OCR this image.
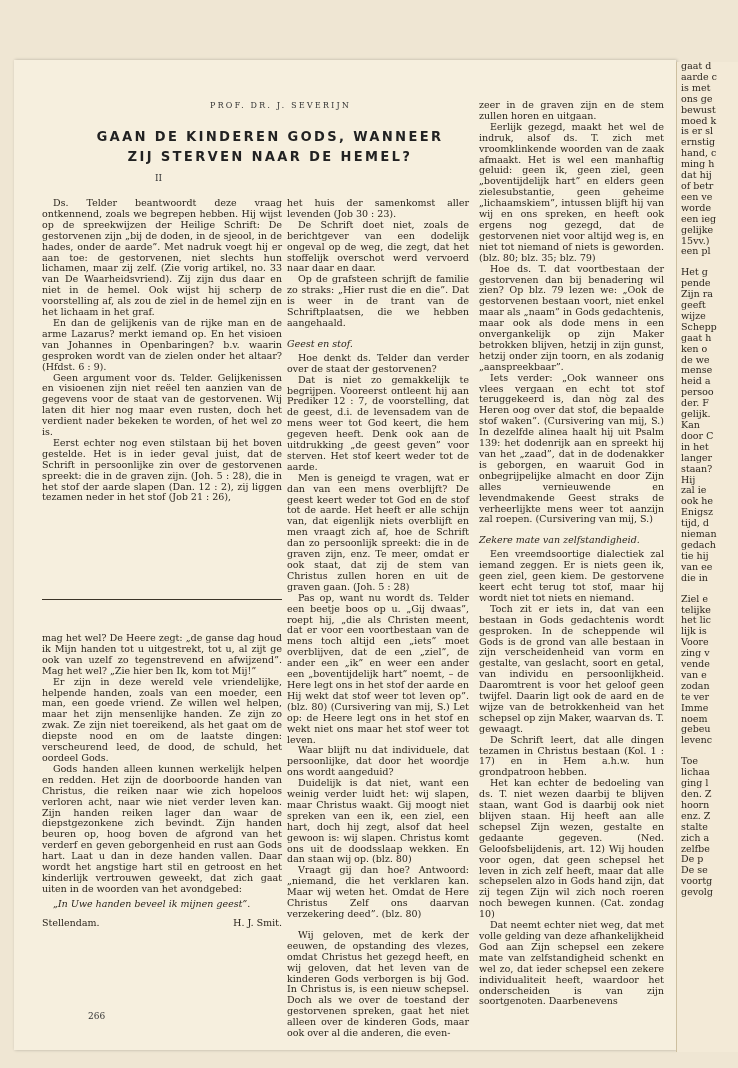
gaat d
aarde c
is met
ons ge
bewust
moed k
is er sl
ernstig
hand, c
ming h
dat hij
of betr
een ve
worde
een ieg
gelijke
15vv.)
een pl
Het g
pende
Zijn ra
geeft
wijze
Schepp
gaat h
ken o
de we
mense
heid a
persoo
der. F
gelijk.
Kan
door C
in het
langer
staan?
Hij
zal ie
ook he
Enigsz
tijd, d
nieman
gedach
tie hij
van ee
die in
Ziel e
telijke
het lic
lijk is
Voore
zing v
vende
van e
zodan
te ver
Imme
noem
gebeu
levenc
Toe
lichaa
ging l
den. Z
hoorn
enz. Z
stalte
zich a
zelfbe
De p
De se
voortg
gevolg
PROF. DR. J. SEVERIJN
GAAN DE KINDEREN GODS, WANNEER
ZIJ STERVEN NAAR DE HEMEL?
II

Ds. Telder beantwoordt deze vraag ontkennend, zoals we begrepen hebben. Hij wijst op de spreekwijzen der Heilige Schrift: De gestorvenen zijn „bij de doden, in de sjeool, in de hades, onder de aarde”. Met nadruk voegt hij er aan toe: de gestorvenen, niet slechts hun lichamen, maar zij zelf. (Zie vorig artikel, no. 33 van De Waarheidsvriend). Zij zijn dus daar en niet in de hemel. Ook wijst hij scherp de voorstelling af, als zou de ziel in de hemel zijn en het lichaam in het graf.

En dan de gelijkenis van de rijke man en de arme Lazarus? merkt iemand op. En het visioen van Johannes in Openbaringen? b.v. waarin gesproken wordt van de zielen onder het altaar? (Hfdst. 6 : 9).

Geen argument voor ds. Telder. Gelijkenissen en visioenen zijn niet reëel ten aanzien van de gegevens voor de staat van de gestorvenen. Wij laten dit hier nog maar even rusten, doch het verdient nader bekeken te worden, of het wel zo is.

Eerst echter nog even stilstaan bij het boven gestelde. Het is in ieder geval juist, dat de Schrift in persoonlijke zin over de gestorvenen spreekt: die in de graven zijn. (Joh. 5 : 28), die in het stof der aarde slapen (Dan. 12 : 2), zij liggen tezamen neder in het stof (Job 21 : 26),

mag het wel? De Heere zegt: „de ganse dag houd ik Mijn handen tot u uitgestrekt, tot u, al zijt ge ook van uzelf zo tegenstrevend en afwijzend”. Mag het wel? „Zie hier ben Ik, kom tot Mij!”

Er zijn in deze wereld vele vriendelijke, helpende handen, zoals van een moeder, een man, een goede vriend. Ze willen wel helpen, maar het zijn mensenlijke handen. Ze zijn zo zwak. Ze zijn niet toereikend, als het gaat om de diepste nood en om de laatste dingen: verscheurend leed, de dood, de schuld, het oordeel Gods.

Gods handen alleen kunnen werkelijk helpen en redden. Het zijn de doorboorde handen van Christus, die reiken naar wie zich hopeloos verloren acht, naar wie niet verder leven kan. Zijn handen reiken lager dan waar de diepstgezonkene zich bevindt. Zijn handen beuren op, hoog boven de afgrond van het verderf en geven geborgenheid en rust aan Gods hart. Laat u dan in deze handen vallen. Daar wordt het angstige hart stil en getroost en het kinderlijk vertrouwen geweekt, dat zich gaat uiten in de woorden van het avondgebed:

„In Uwe handen beveel ik mijnen geest”.

Stellendam.	H. J. Smit.

het huis der samenkomst aller levenden (Job 30 : 23).

De Schrift doet niet, zoals de berichtgever van een dodelijk ongeval op de weg, die zegt, dat het stoffelijk overschot werd vervoerd naar daar en daar.

Op de grafsteen schrijft de familie zo straks: „Hier rust die en die”. Dat is weer in de trant van de Schriftplaatsen, die we hebben aangehaald.

Geest en stof.

Hoe denkt ds. Telder dan verder over de staat der gestorvenen?

Dat is niet zo gemakkelijk te begrijpen. Vooreerst ontleent hij aan Prediker 12 : 7, de voorstelling, dat de geest, d.i. de levensadem van de mens weer tot God keert, die hem gegeven heeft. Denk ook aan de uitdrukking „de geest geven” voor sterven. Het stof keert weder tot de aarde.

Men is geneigd te vragen, wat er dan van een mens overblijft? De geest keert weder tot God en de stof tot de aarde. Het heeft er alle schijn van, dat eigenlijk niets overblijft en men vraagt zich af, hoe de Schrift dan zo persoonlijk spreekt: die in de graven zijn, enz. Te meer, omdat er ook staat, dat zij de stem van Christus zullen horen en uit de graven gaan. (Joh. 5 : 28)

Pas op, want nu wordt ds. Telder een beetje boos op u. „Gij dwaas”, roept hij, „die als Christen meent, dat er voor een voortbestaan van de mens toch altijd een „iets” moet overblijven, dat de een „ziel”, de ander een „ik” en weer een ander een „boventijdelijk hart” noemt, – de Here legt ons in het stof der aarde en Hij wekt dat stof weer tot leven op”. (blz. 80) (Cursivering van mij, S.) Let op: de Heere legt ons in het stof en wekt niet ons maar het stof weer tot leven.

Waar blijft nu dat individuele, dat persoonlijke, dat door het woordje ons wordt aangeduid?

Duidelijk is dat niet, want een weinig verder luidt het: wij slapen, maar Christus waakt. Gij moogt niet spreken van een ik, een ziel, een hart, doch hij zegt, alsof dat heel gewoon is: wij slapen. Christus komt ons uit de doodsslaap wekken. En dan staan wij op. (blz. 80)

Vraagt gij dan hoe? Antwoord: „niemand, die het verklaren kan. Maar wij weten het. Omdat de Here Christus Zelf ons daarvan verzekering deed”. (blz. 80)

Wij geloven, met de kerk der eeuwen, de opstanding des vlezes, omdat Christus het gezegd heeft, en wij geloven, dat het leven van de kinderen Gods verborgen is bij God. In Christus is, is een nieuw schepsel. Doch als we over de toestand der gestorvenen spreken, gaat het niet alleen over de kinderen Gods, maar ook over al die anderen, die even-

zeer in de graven zijn en de stem zullen horen en uitgaan.

Eerlijk gezegd, maakt het wel de indruk, alsof ds. T. zich met vroomklinkende woorden van de zaak afmaakt. Het is wel een manhaftig geluid: geen ik, geen ziel, geen „boventijdelijk hart” en elders geen zielesubstantie, geen geheime „lichaamskiem”, intussen blijft hij van wij en ons spreken, en heeft ook ergens nog gezegd, dat de gestorvenen niet voor altijd weg is, en niet tot niemand of niets is geworden. (blz. 80; blz. 35; blz. 79)

Hoe ds. T. dat voortbestaan der gestorvenen dan bij benadering wil zien? Op blz. 79 lezen we: „Ook de gestorvenen bestaan voort, niet enkel maar als „naam” in Gods gedachtenis, maar ook als dode mens in een onvergankelijk op zijn Maker betrokken blijven, hetzij in zijn gunst, hetzij onder zijn toorn, en als zodanig „aanspreekbaar”.

Iets verder: „Ook wanneer ons vlees vergaan en echt tot stof teruggekeerd is, dan nòg zal des Heren oog over dat stof, die bepaalde stof waken”. (Cursivering van mij, S.) In dezelfde alinea haalt hij uit Psalm 139: het dodenrijk aan en spreekt hij van het „zaad”, dat in de dodenakker is geborgen, en waaruit God in onbegrijpelijke almacht en door Zijn alles vernieuwende en levendmakende Geest straks de verheerlijkte mens weer tot aanzijn zal roepen. (Cursivering van mij, S.)

Zekere mate van zelfstandigheid.

Een vreemdsoortige dialectiek zal iemand zeggen. Er is niets geen ik, geen ziel, geen kiem. De gestorvene keert echt terug tot stof, maar hij wordt niet tot niets en niemand.

Toch zit er iets in, dat van een bestaan in Gods gedachtenis wordt gesproken. In de scheppende wil Gods is de grond van alle bestaan in zijn verscheidenheid van vorm en gestalte, van geslacht, soort en getal, van individu en persoonlijkheid. Daaromtrent is voor het geloof geen twijfel. Daarin ligt ook de aard en de wijze van de betrokkenheid van het schepsel op zijn Maker, waarvan ds. T. gewaagt.

De Schrift leert, dat alle dingen tezamen in Christus bestaan (Kol. 1 : 17) en in Hem a.h.w. hun grondpatroon hebben.

Het kan echter de bedoeling van ds. T. niet wezen daarbij te blijven staan, want God is daarbij ook niet blijven staan. Hij heeft aan alle schepsel Zijn wezen, gestalte en gedaante gegeven. (Ned. Geloofsbelijdenis, art. 12) Wij houden voor ogen, dat geen schepsel het leven in zich zelf heeft, maar dat alle schepselen alzo in Gods hand zijn, dat zij tegen Zijn wil zich noch roeren noch bewegen kunnen. (Cat. zondag 10)

Dat neemt echter niet weg, dat met volle gelding van deze afhankelijkheid God aan Zijn schepsel een zekere mate van zelfstandigheid schenkt en wel zo, dat ieder schepsel een zekere individualiteit heeft, waardoor het onderscheiden is van zijn soortgenoten. Daarbenevens

266
